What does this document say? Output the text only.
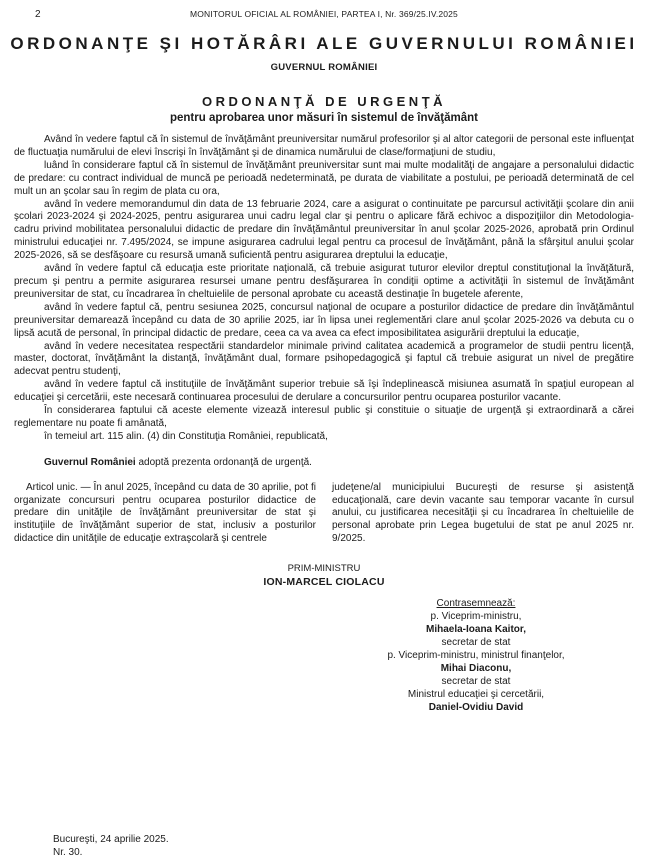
2	MONITORUL OFICIAL AL ROMÂNIEI, PARTEA I, Nr. 369/25.IV.2025
ORDONANŢE ŞI HOTĂRÂRI ALE GUVERNULUI ROMÂNIEI
GUVERNUL ROMÂNIEI
ORDONANŢĂ DE URGENŢĂ
pentru aprobarea unor măsuri în sistemul de învăţământ

Având în vedere faptul că în sistemul de învăţământ preuniversitar numărul profesorilor şi al altor categorii de personal este influenţat de fluctuaţia numărului de elevi înscrişi în învăţământ şi de dinamica numărului de clase/formaţiuni de studiu,

luând în considerare faptul că în sistemul de învăţământ preuniversitar sunt mai multe modalităţi de angajare a personalului didactic de predare: cu contract individual de muncă pe perioadă nedeterminată, pe durata de viabilitate a postului, pe perioadă determinată de cel mult un an şcolar sau în regim de plata cu ora,

având în vedere memorandumul din data de 13 februarie 2024, care a asigurat o continuitate pe parcursul activităţii şcolare din anii şcolari 2023-2024 şi 2024-2025, pentru asigurarea unui cadru legal clar şi pentru o aplicare fără echivoc a dispoziţiilor din Metodologia-cadru privind mobilitatea personalului didactic de predare din învăţământul preuniversitar în anul şcolar 2025-2026, aprobată prin Ordinul ministrului educaţiei nr. 7.495/2024, se impune asigurarea cadrului legal pentru ca procesul de învăţământ, până la sfârşitul anului şcolar 2025-2026, să se desfăşoare cu resursă umană suficientă pentru asigurarea dreptului la educaţie,

având în vedere faptul că educaţia este prioritate naţională, că trebuie asigurat tuturor elevilor dreptul constituţional la învăţătură, precum şi pentru a permite asigurarea resursei umane pentru desfăşurarea în condiţii optime a activităţii în sistemul de învăţământ preuniversitar de stat, cu încadrarea în cheltuielile de personal aprobate cu această destinaţie în bugetele aferente,

având în vedere faptul că, pentru sesiunea 2025, concursul naţional de ocupare a posturilor didactice de predare din învăţământul preuniversitar demarează începând cu data de 30 aprilie 2025, iar în lipsa unei reglementări clare anul şcolar 2025-2026 va debuta cu o lipsă acută de personal, în principal didactic de predare, ceea ca va avea ca efect imposibilitatea asigurării dreptului la educaţie,

având în vedere necesitatea respectării standardelor minimale privind calitatea academică a programelor de studii pentru licenţă, master, doctorat, învăţământ la distanţă, învăţământ dual, formare psihopedagogică şi faptul că trebuie asigurat un nivel de pregătire adecvat pentru studenţi,

având în vedere faptul că instituţiile de învăţământ superior trebuie să îşi îndeplinească misiunea asumată în spaţiul european al educaţiei şi cercetării, este necesară continuarea procesului de derulare a concursurilor pentru ocuparea posturilor vacante.

În considerarea faptului că aceste elemente vizează interesul public şi constituie o situaţie de urgenţă şi extraordinară a cărei reglementare nu poate fi amânată,

în temeiul art. 115 alin. (4) din Constituţia României, republicată,

Guvernul României adoptă prezenta ordonanţă de urgenţă.

Articol unic. — În anul 2025, începând cu data de 30 aprilie, pot fi organizate concursuri pentru ocuparea posturilor didactice de predare din unităţile de învăţământ preuniversitar de stat şi instituţiile de învăţământ superior de stat, inclusiv a posturilor didactice din unităţile de educaţie extraşcolară şi centrele

judeţene/al municipiului Bucureşti de resurse şi asistenţă educaţională, care devin vacante sau temporar vacante în cursul anului, cu justificarea necesităţii şi cu încadrarea în cheltuielile de personal aprobate prin Legea bugetului de stat pe anul 2025 nr. 9/2025.

PRIM-MINISTRU
ION-MARCEL CIOLACU
Contrasemnează:
p. Viceprim-ministru,
Mihaela-Ioana Kaitor,
secretar de stat
p. Viceprim-ministru, ministrul finanţelor,
Mihai Diaconu,
secretar de stat
Ministrul educaţiei şi cercetării,
Daniel-Ovidiu David
Bucureşti, 24 aprilie 2025.
Nr. 30.
